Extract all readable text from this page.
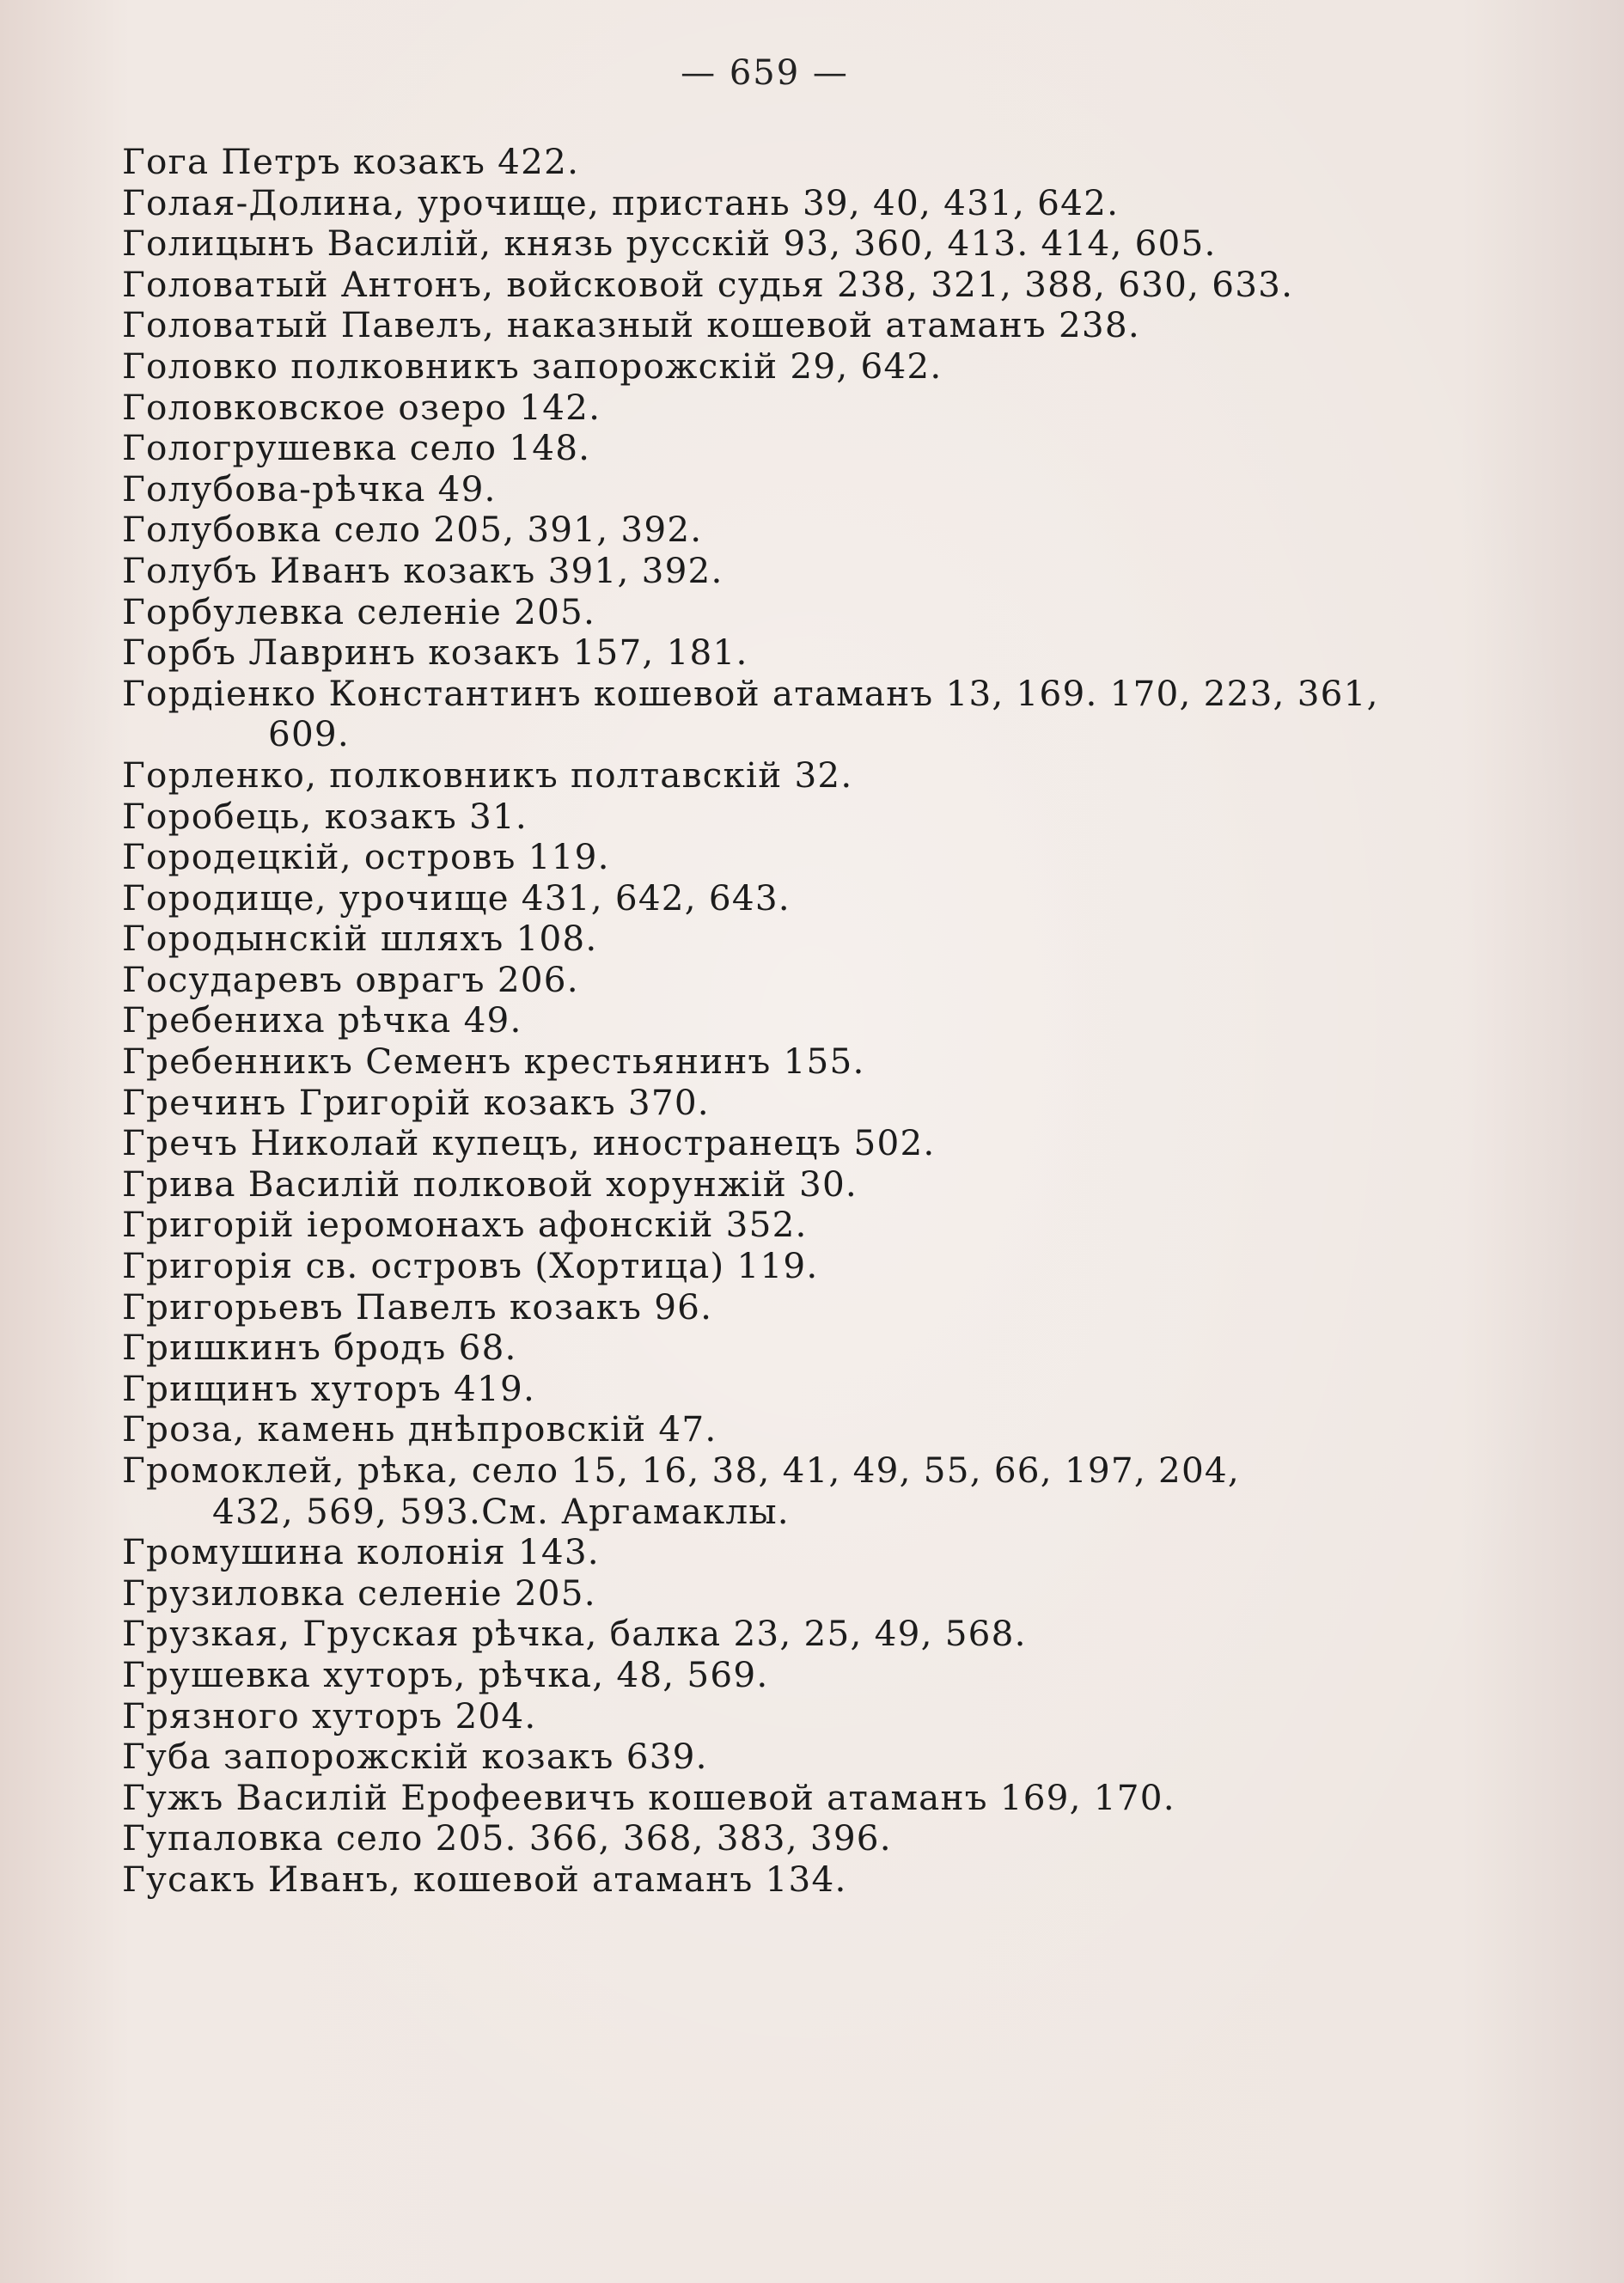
— 659 —
Гога Петръ козакъ 422.
Голая-Долина, урочище, пристань 39, 40, 431, 642.
Голицынъ Василій, князь русскій 93, 360, 413. 414, 605.
Головатый Антонъ, войсковой судья 238, 321, 388, 630, 633.
Головатый Павелъ, наказный кошевой атаманъ 238.
Головко полковникъ запорожскій 29, 642.
Головковское озеро 142.
Гологрушевка село 148.
Голубова-рѣчка 49.
Голубовка село 205, 391, 392.
Голубъ Иванъ козакъ 391, 392.
Горбулевка селеніе 205.
Горбъ Лавринъ козакъ 157, 181.
Гордіенко Константинъ кошевой атаманъ 13, 169. 170, 223, 361,
609.
Горленко, полковникъ полтавскій 32.
Горобець, козакъ 31.
Городецкій, островъ 119.
Городище, урочище 431, 642, 643.
Городынскій шляхъ 108.
Государевъ оврагъ 206.
Гребениха рѣчка 49.
Гребенникъ Семенъ крестьянинъ 155.
Гречинъ Григорій козакъ 370.
Гречъ Николай купецъ, иностранецъ 502.
Грива Василій полковой хорунжій 30.
Григорій іеромонахъ афонскій 352.
Григорія св. островъ (Хортица) 119.
Григорьевъ Павелъ козакъ 96.
Гришкинъ бродъ 68.
Грищинъ хуторъ 419.
Гроза, камень днѣпровскій 47.
Громоклей, рѣка, село 15, 16, 38, 41, 49, 55, 66, 197, 204,
432, 569, 593.См. Аргамаклы.
Громушина колонія 143.
Грузиловка селеніе 205.
Грузкая, Груская рѣчка, балка 23, 25, 49, 568.
Грушевка хуторъ, рѣчка, 48, 569.
Грязного хуторъ 204.
Губа запорожскій козакъ 639.
Гужъ Василій Ерофеевичъ кошевой атаманъ 169, 170.
Гупаловка село 205. 366, 368, 383, 396.
Гусакъ Иванъ, кошевой атаманъ 134.
